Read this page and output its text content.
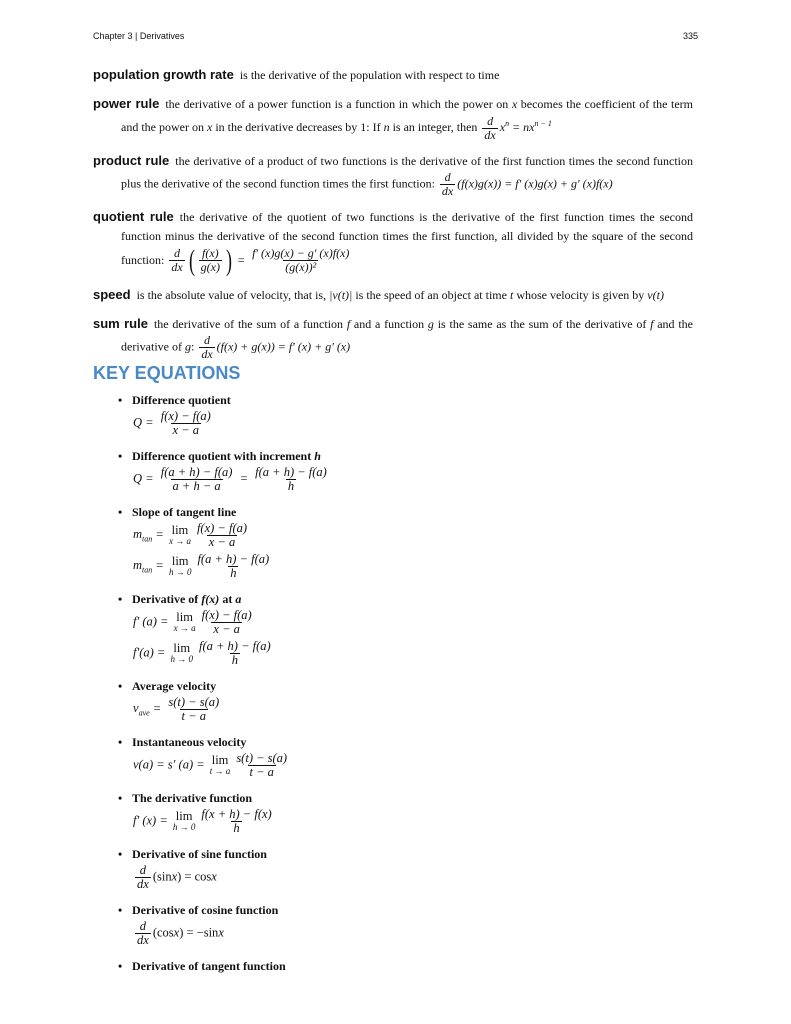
Chapter 3 | Derivatives	335
population growth rate is the derivative of the population with respect to time
power rule the derivative of a power function is a function in which the power on x becomes the coefficient of the term and the power on x in the derivative decreases by 1: If n is an integer, then $\frac{d}{dx} x^n = nx^{n - 1}$
product rule the derivative of a product of two functions is the derivative of the first function times the second function plus the derivative of the second function times the first function: $\frac{d}{dx} (f(x)g(x)) = f'$ (x)g(x) + g′ (x)f(x)
quotient rule the derivative of the quotient of two functions is the derivative of the first function times the second function minus the derivative of the second function times the first function, all divided by the square of the second function: $\frac{d}{dx}$ ( $\frac{f(x)}{g(x)}$ ) = $\frac{f' (x)g(x) - g' (x)f(x)}{\text{(g(x))²}}$
speed is the absolute value of velocity, that is, |v(t)| is the speed of an object at time t whose velocity is given by v(t)
sum rule the derivative of the sum of a function f and a function g is the same as the sum of the derivative of f and the derivative of g: $\frac{d}{dx} (f(x) + g(x)) = f'$ (x) + g′ (x)
KEY EQUATIONS
• Difference quotient
$Q = \frac{f(x) - f(a)}{x - a}$
• Difference quotient with increment h
$Q = \frac{f(a + h) - f(a)}{a + h - a} = \frac{f(a + h) - f(a)}{h}$
• Slope of tangent line
$m_{tan} = \lim$
x → a $\frac{f(x) - f(a)}{x - a}$
$m_{tan} = \lim$
$h \to 0 \frac{f(a + h) - f(a)}{h}$
• Derivative of f(x) at a
f′ (a) = lim
x → a $\frac{f(x) - f(a)}{x - a}$
f′(a) = lim
$h \to 0 \frac{f(a + h) - f(a)}{h}$
• Average velocity
$v_{ave} = \frac{s(t) - s(a)}{t - a}$
• Instantaneous velocity
v(a) = s′ (a) = lim
t → a $\frac{s(t) - s(a)}{t - a}$
• The derivative function
f′ (x) = lim
$h \to 0 \frac{f(x + h) - f(x)}{h}$
• Derivative of sine function
$\frac{d}{dx} (\sin x) = \cos x$
• Derivative of cosine function
$\frac{d}{dx} (\cos x) = -\sin x$
• Derivative of tangent function
